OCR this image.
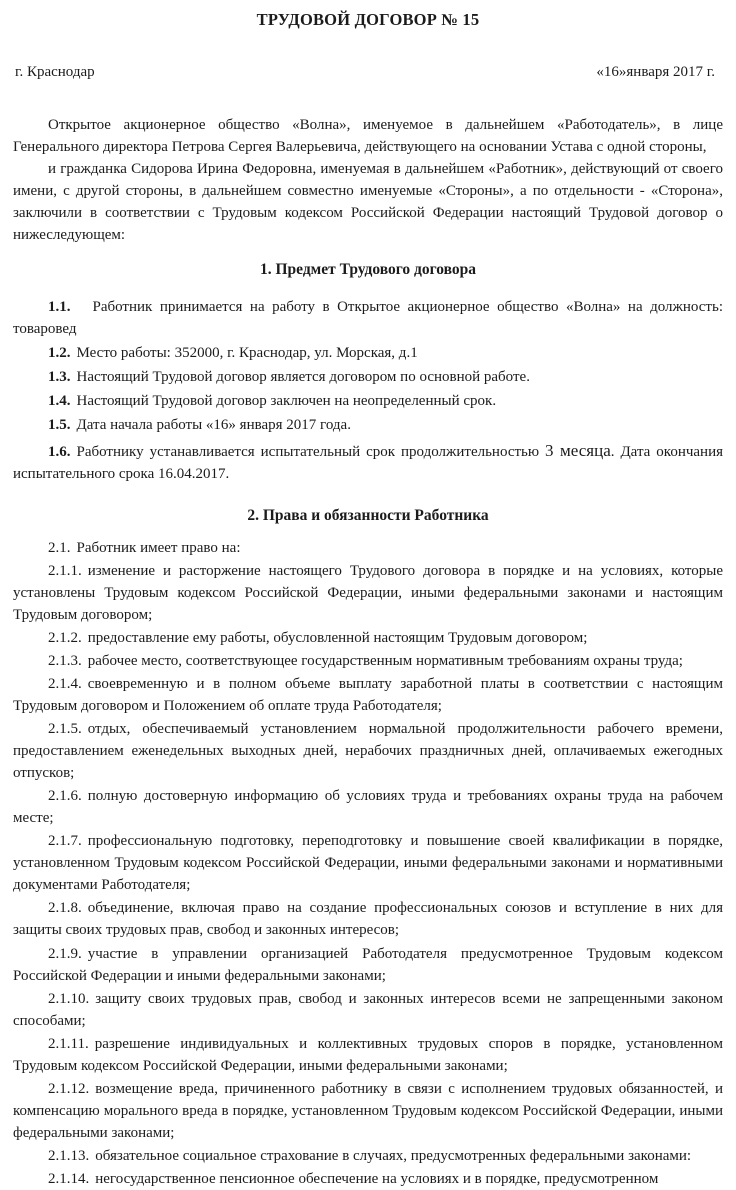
ТРУДОВОЙ ДОГОВОР № 15
г. Краснодар	«16»января 2017 г.

Открытое акционерное общество «Волна», именуемое в дальнейшем «Работодатель», в лице Генерального директора Петрова Сергея Валерьевича, действующего на основании Устава с одной стороны,

и гражданка Сидорова Ирина Федоровна, именуемая в дальнейшем «Работник», действующий от своего имени, с другой стороны, в дальнейшем совместно именуемые «Стороны», а по отдельности - «Сторона», заключили в соответствии с Трудовым кодексом Российской Федерации настоящий Трудовой договор о нижеследующем:

1. Предмет Трудового договора

1.1. Работник принимается на работу в Открытое акционерное общество «Волна» на должность: товаровед

1.2. Место работы: 352000, г. Краснодар, ул. Морская, д.1

1.3. Настоящий Трудовой договор является договором по основной работе.

1.4. Настоящий Трудовой договор заключен на неопределенный срок.

1.5. Дата начала работы «16» января 2017 года.

1.6. Работнику устанавливается испытательный срок продолжительностью 3 месяца. Дата окончания испытательного срока 16.04.2017.

2. Права и обязанности Работника

2.1. Работник имеет право на:

2.1.1. изменение и расторжение настоящего Трудового договора в порядке и на условиях, которые установлены Трудовым кодексом Российской Федерации, иными федеральными законами и настоящим Трудовым договором;

2.1.2. предоставление ему работы, обусловленной настоящим Трудовым договором;

2.1.3. рабочее место, соответствующее государственным нормативным требованиям охраны труда;

2.1.4. своевременную и в полном объеме выплату заработной платы в соответствии с настоящим Трудовым договором и Положением об оплате труда Работодателя;

2.1.5. отдых, обеспечиваемый установлением нормальной продолжительности рабочего времени, предоставлением еженедельных выходных дней, нерабочих праздничных дней, оплачиваемых ежегодных отпусков;

2.1.6. полную достоверную информацию об условиях труда и требованиях охраны труда на рабочем месте;

2.1.7. профессиональную подготовку, переподготовку и повышение своей квалификации в порядке, установленном Трудовым кодексом Российской Федерации, иными федеральными законами и нормативными документами Работодателя;

2.1.8. объединение, включая право на создание профессиональных союзов и вступление в них для защиты своих трудовых прав, свобод и законных интересов;

2.1.9. участие в управлении организацией Работодателя предусмотренное Трудовым кодексом Российской Федерации и иными федеральными законами;

2.1.10. защиту своих трудовых прав, свобод и законных интересов всеми не запрещенными законом способами;

2.1.11. разрешение индивидуальных и коллективных трудовых споров в порядке, установленном Трудовым кодексом Российской Федерации, иными федеральными законами;

2.1.12. возмещение вреда, причиненного работнику в связи с исполнением трудовых обязанностей, и компенсацию морального вреда в порядке, установленном Трудовым кодексом Российской Федерации, иными федеральными законами;

2.1.13. обязательное социальное страхование в случаях, предусмотренных федеральными законами:

2.1.14. негосударственное пенсионное обеспечение на условиях и в порядке, предусмотренном
